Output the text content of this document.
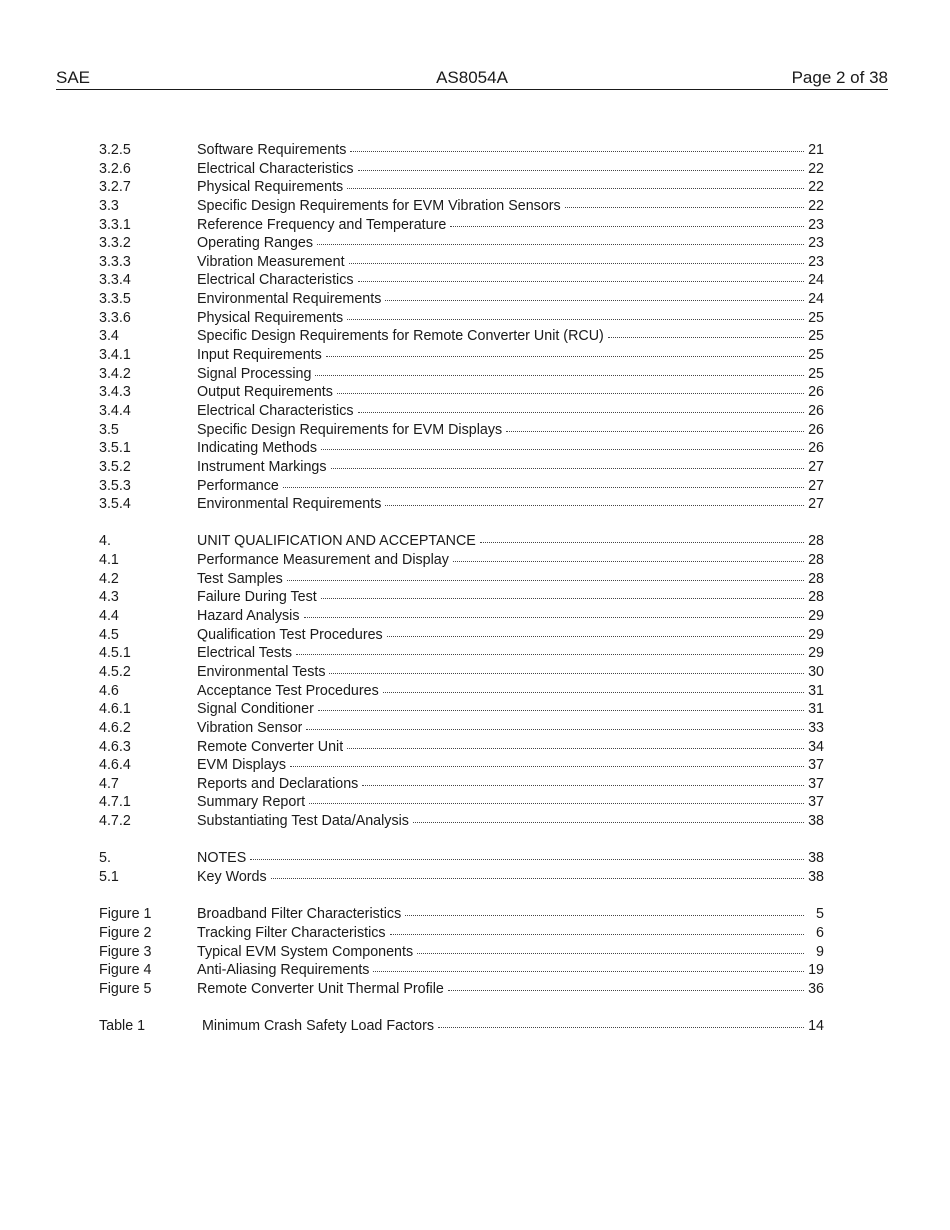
SAE	AS8054A	Page 2 of 38
3.2.5	Software Requirements	21
3.2.6	Electrical Characteristics	22
3.2.7	Physical Requirements	22
3.3	Specific Design Requirements for EVM Vibration Sensors	22
3.3.1	Reference Frequency and Temperature	23
3.3.2	Operating Ranges	23
3.3.3	Vibration Measurement	23
3.3.4	Electrical Characteristics	24
3.3.5	Environmental Requirements	24
3.3.6	Physical Requirements	25
3.4	Specific Design Requirements for Remote Converter Unit (RCU)	25
3.4.1	Input Requirements	25
3.4.2	Signal Processing	25
3.4.3	Output Requirements	26
3.4.4	Electrical Characteristics	26
3.5	Specific Design Requirements for EVM Displays	26
3.5.1	Indicating Methods	26
3.5.2	Instrument Markings	27
3.5.3	Performance	27
3.5.4	Environmental Requirements	27
4.	UNIT QUALIFICATION AND ACCEPTANCE	28
4.1	Performance Measurement and Display	28
4.2	Test Samples	28
4.3	Failure During Test	28
4.4	Hazard Analysis	29
4.5	Qualification Test Procedures	29
4.5.1	Electrical Tests	29
4.5.2	Environmental Tests	30
4.6	Acceptance Test Procedures	31
4.6.1	Signal Conditioner	31
4.6.2	Vibration Sensor	33
4.6.3	Remote Converter Unit	34
4.6.4	EVM Displays	37
4.7	Reports and Declarations	37
4.7.1	Summary Report	37
4.7.2	Substantiating Test Data/Analysis	38
5.	NOTES	38
5.1	Key Words	38
Figure 1	Broadband Filter Characteristics	5
Figure 2	Tracking Filter Characteristics	6
Figure 3	Typical EVM System Components	9
Figure 4	Anti-Aliasing Requirements	19
Figure 5	Remote Converter Unit Thermal Profile	36
Table 1	Minimum Crash Safety Load Factors	14
